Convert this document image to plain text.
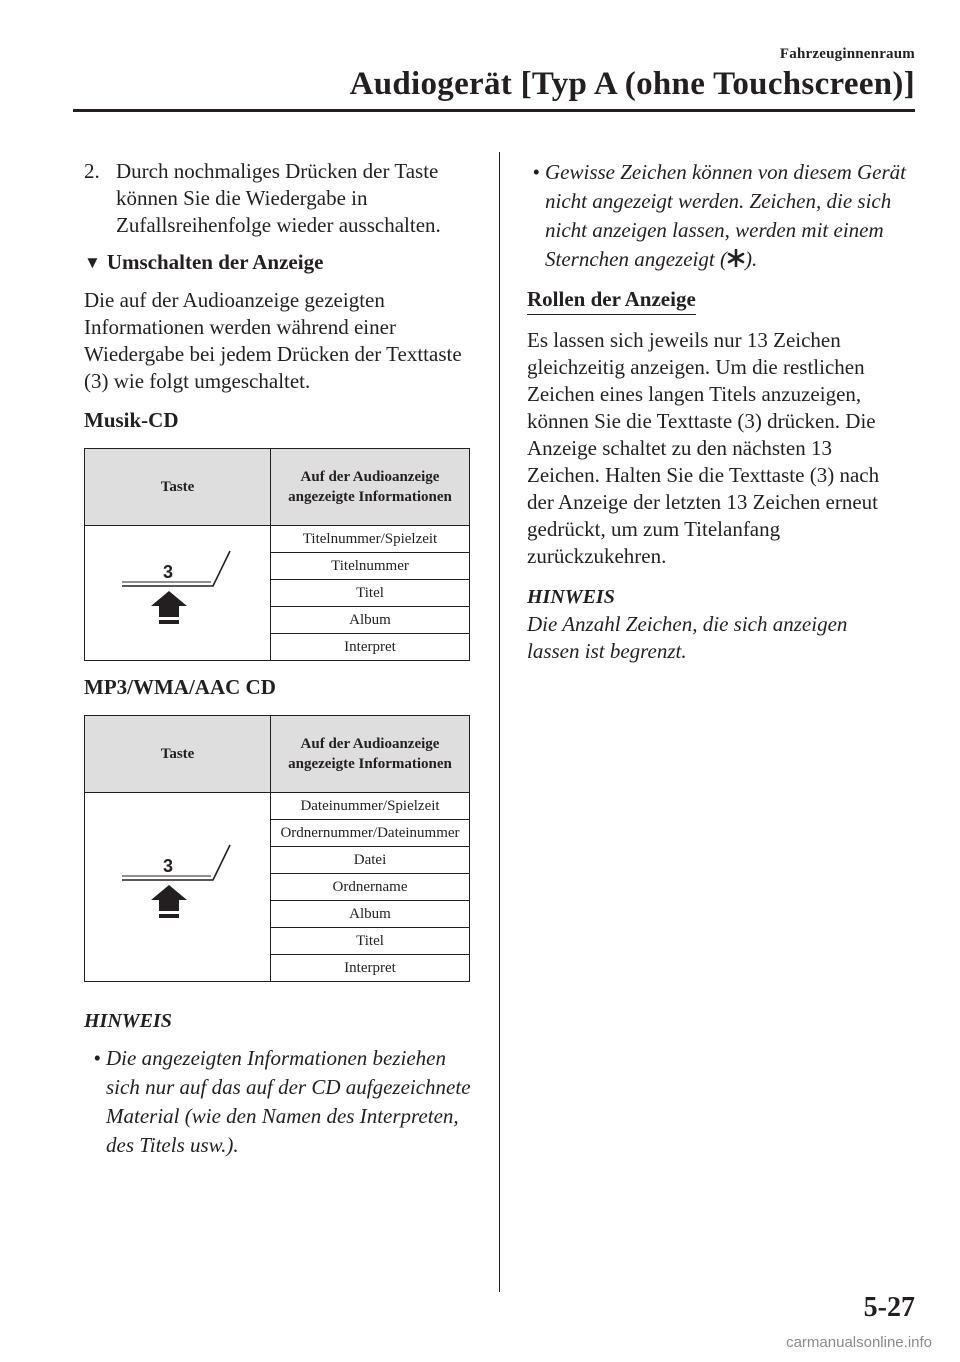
Fahrzeuginnenraum
Audiogerät [Typ A (ohne Touchscreen)]
2. Durch nochmaliges Drücken der Taste können Sie die Wiedergabe in Zufallsreihenfolge wieder ausschalten.
▼ Umschalten der Anzeige

Die auf der Audioanzeige gezeigten Informationen werden während einer Wiedergabe bei jedem Drücken der Texttaste (3) wie folgt umgeschaltet.

Musik-CD
Taste	Auf der Audioanzeige angezeigte Informationen

3	Titelnummer/Spielzeit
	Titelnummer
	Titel
	Album
	Interpret
MP3/WMA/AAC CD
Taste	Auf der Audioanzeige angezeigte Informationen

3	Dateinummer/Spielzeit
	Ordnernummer/Dateinummer
	Datei
	Ordnername
	Album
	Titel
	Interpret
HINWEIS
• Die angezeigten Informationen beziehen sich nur auf das auf der CD aufgezeichnete Material (wie den Namen des Interpreten, des Titels usw.).
• Gewisse Zeichen können von diesem Gerät nicht angezeigt werden. Zeichen, die sich nicht anzeigen lassen, werden mit einem Sternchen angezeigt ( ).
Rollen der Anzeige

Es lassen sich jeweils nur 13 Zeichen gleichzeitig anzeigen. Um die restlichen Zeichen eines langen Titels anzuzeigen, können Sie die Texttaste (3) drücken. Die Anzeige schaltet zu den nächsten 13 Zeichen. Halten Sie die Texttaste (3) nach der Anzeige der letzten 13 Zeichen erneut gedrückt, um zum Titelanfang zurückzukehren.

HINWEIS

Die Anzahl Zeichen, die sich anzeigen lassen ist begrenzt.

5-27
carmanualsonline.info
